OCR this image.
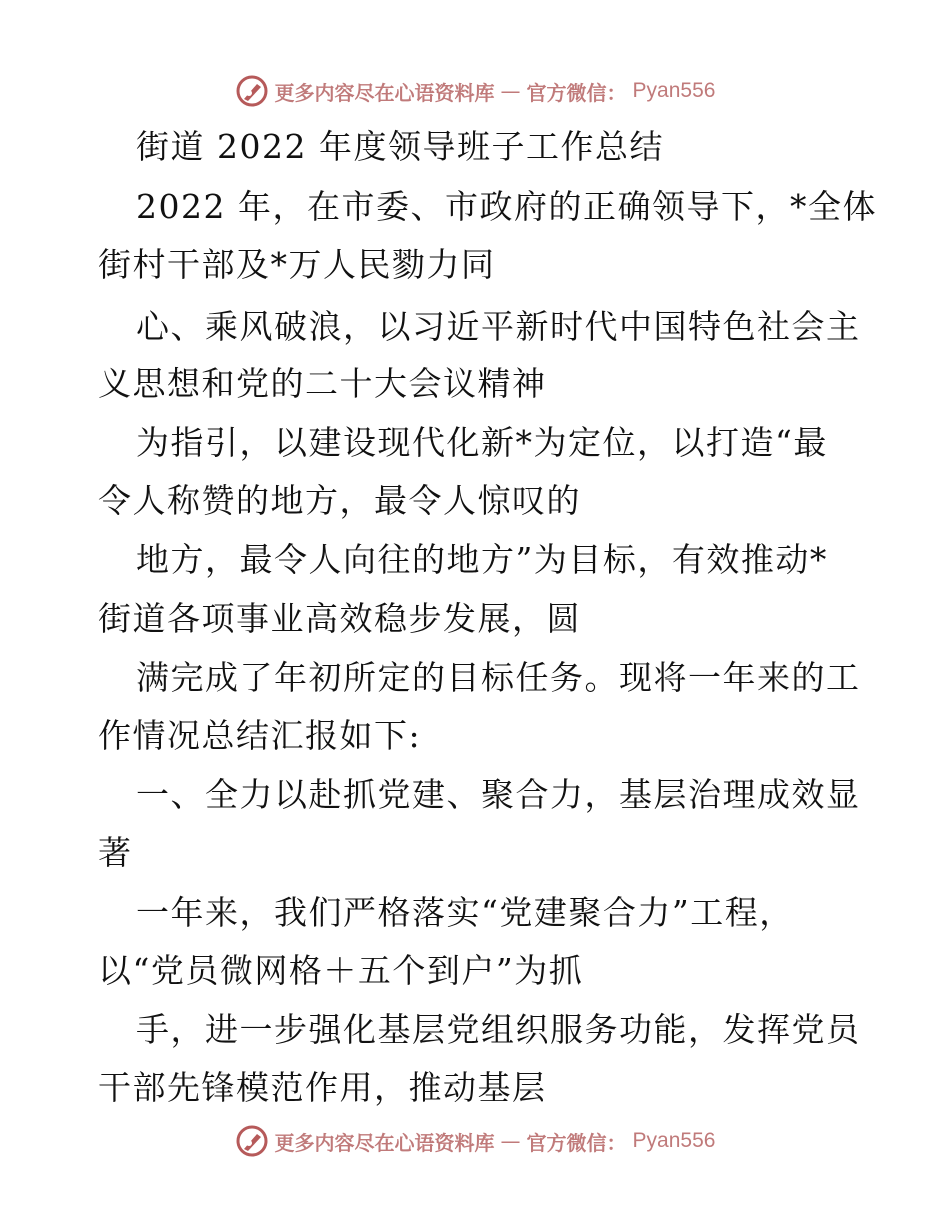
更多内容尽在心语资料库 — 官方微信： Pyan556
街道 2022 年度领导班子工作总结
2022 年，在市委、市政府的正确领导下，*全体
街村干部及*万人民勠力同
心、乘风破浪，以习近平新时代中国特色社会主
义思想和党的二十大会议精神
为指引，以建设现代化新*为定位，以打造“最
令人称赞的地方，最令人惊叹的
地方，最令人向往的地方”为目标，有效推动*
街道各项事业高效稳步发展，圆
满完成了年初所定的目标任务。现将一年来的工
作情况总结汇报如下:
一、全力以赴抓党建、聚合力，基层治理成效显
著
一年来，我们严格落实“党建聚合力”工程，
以“党员微网格＋五个到户”为抓
手，进一步强化基层党组织服务功能，发挥党员
干部先锋模范作用，推动基层
更多内容尽在心语资料库 — 官方微信： Pyan556
